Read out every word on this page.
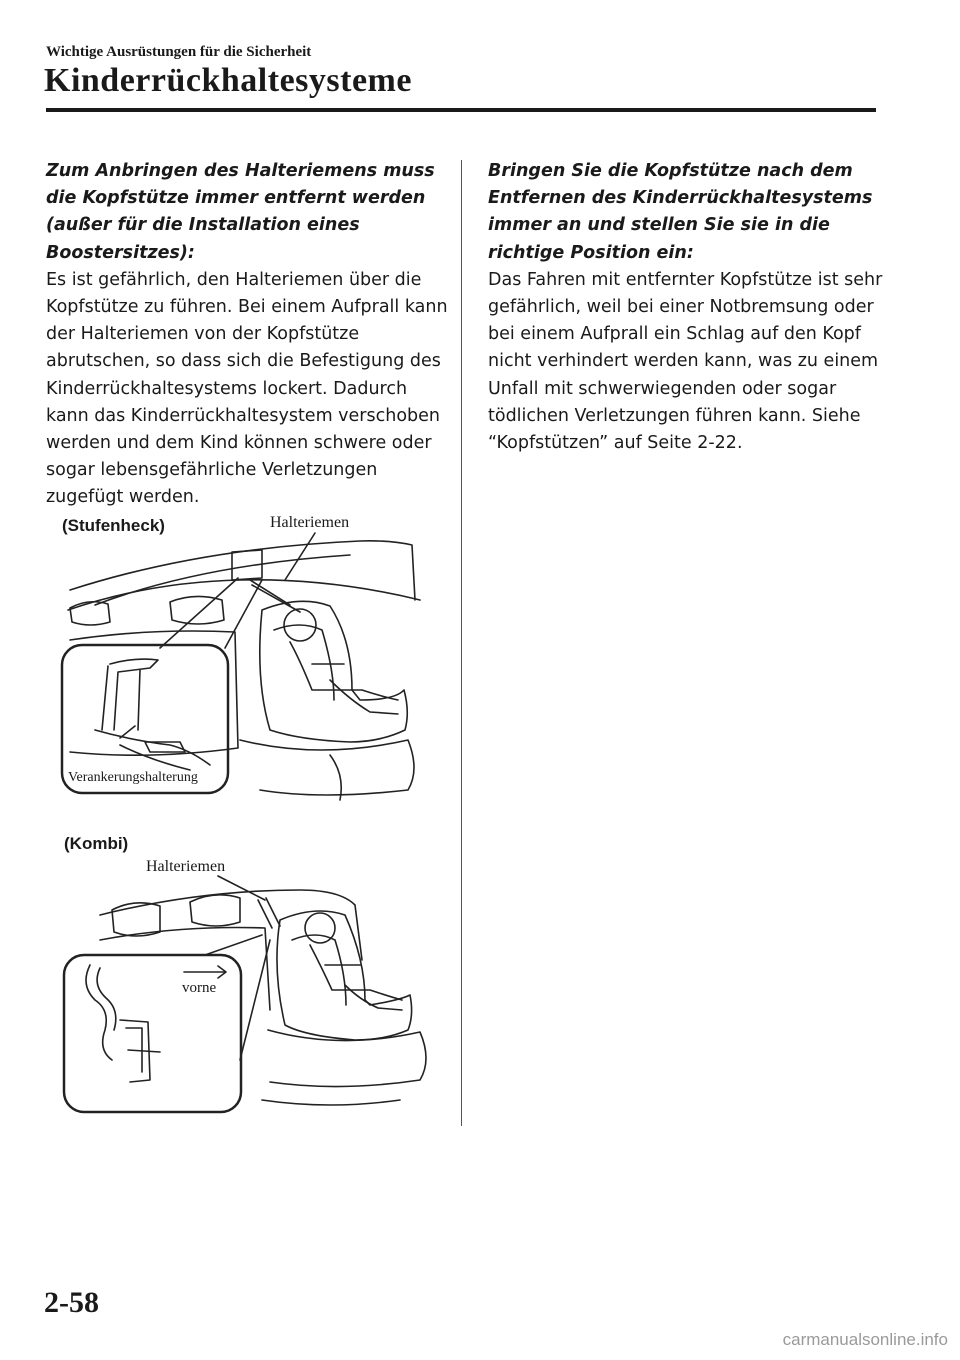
Wichtige Ausrüstungen für die Sicherheit
Kinderrückhaltesysteme

Zum Anbringen des Halteriemens muss die Kopfstütze immer entfernt werden (außer für die Installation eines Boostersitzes):

Es ist gefährlich, den Halteriemen über die Kopfstütze zu führen. Bei einem Aufprall kann der Halteriemen von der Kopfstütze abrutschen, so dass sich die Befestigung des Kinderrückhaltesystems lockert. Dadurch kann das Kinderrückhaltesystem verschoben werden und dem Kind können schwere oder sogar lebensgefährliche Verletzungen zugefügt werden.

Bringen Sie die Kopfstütze nach dem Entfernen des Kinderrückhaltesystems immer an und stellen Sie sie in die richtige Position ein:

Das Fahren mit entfernter Kopfstütze ist sehr gefährlich, weil bei einer Notbremsung oder bei einem Aufprall ein Schlag auf den Kopf nicht verhindert werden kann, was zu einem Unfall mit schwerwiegenden oder sogar tödlichen Verletzungen führen kann. Siehe “Kopfstützen” auf Seite 2-22.

(Stufenheck)	Halteriemen
Verankerungshalterung
(Kombi)
Halteriemen
vorne
2-58
carmanualsonline.info
